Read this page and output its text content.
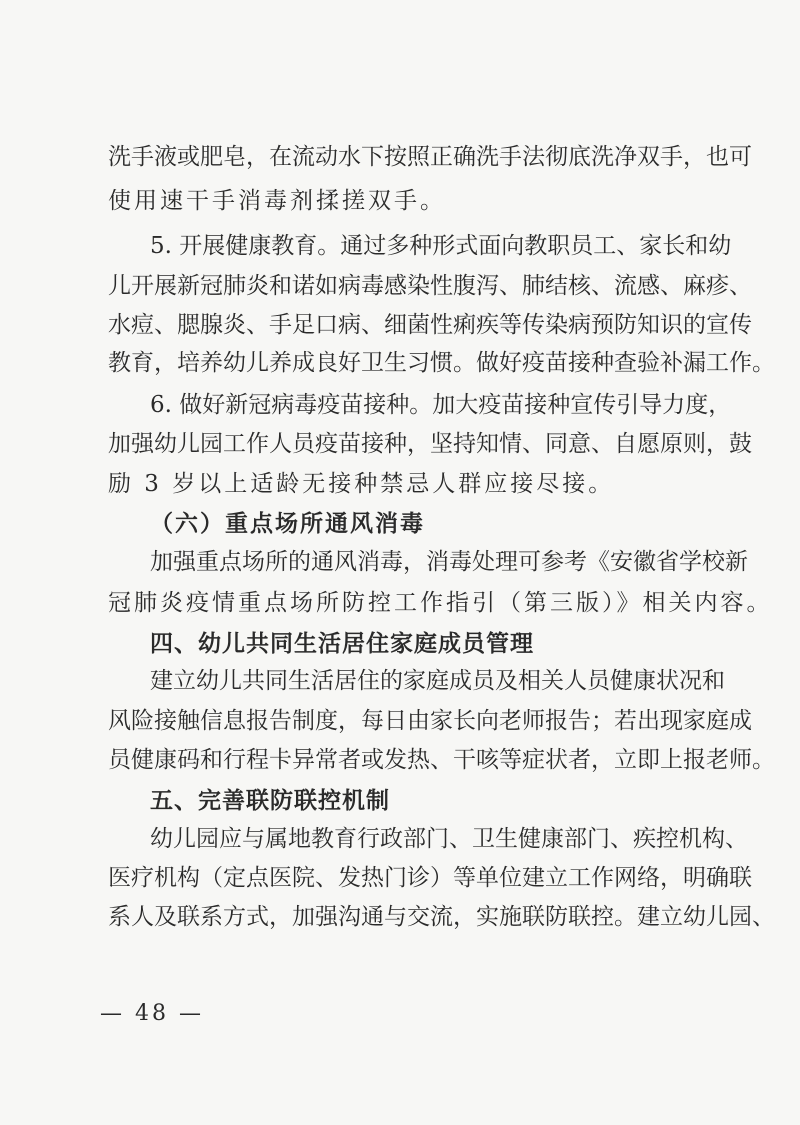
洗手液或肥皂，在流动水下按照正确洗手法彻底洗净双手，也可
使用速干手消毒剂揉搓双手。
5. 开展健康教育。通过多种形式面向教职员工、家长和幼
儿开展新冠肺炎和诺如病毒感染性腹泻、肺结核、流感、麻疹、
水痘、腮腺炎、手足口病、细菌性痢疾等传染病预防知识的宣传
教育，培养幼儿养成良好卫生习惯。做好疫苗接种查验补漏工作。
6. 做好新冠病毒疫苗接种。加大疫苗接种宣传引导力度，
加强幼儿园工作人员疫苗接种，坚持知情、同意、自愿原则，鼓
励 3 岁以上适龄无接种禁忌人群应接尽接。
（六）重点场所通风消毒
加强重点场所的通风消毒，消毒处理可参考《安徽省学校新
冠肺炎疫情重点场所防控工作指引（第三版）》相关内容。
四、幼儿共同生活居住家庭成员管理
建立幼儿共同生活居住的家庭成员及相关人员健康状况和
风险接触信息报告制度，每日由家长向老师报告；若出现家庭成
员健康码和行程卡异常者或发热、干咳等症状者，立即上报老师。
五、完善联防联控机制
幼儿园应与属地教育行政部门、卫生健康部门、疾控机构、
医疗机构（定点医院、发热门诊）等单位建立工作网络，明确联
系人及联系方式，加强沟通与交流，实施联防联控。建立幼儿园、
— 48 —
